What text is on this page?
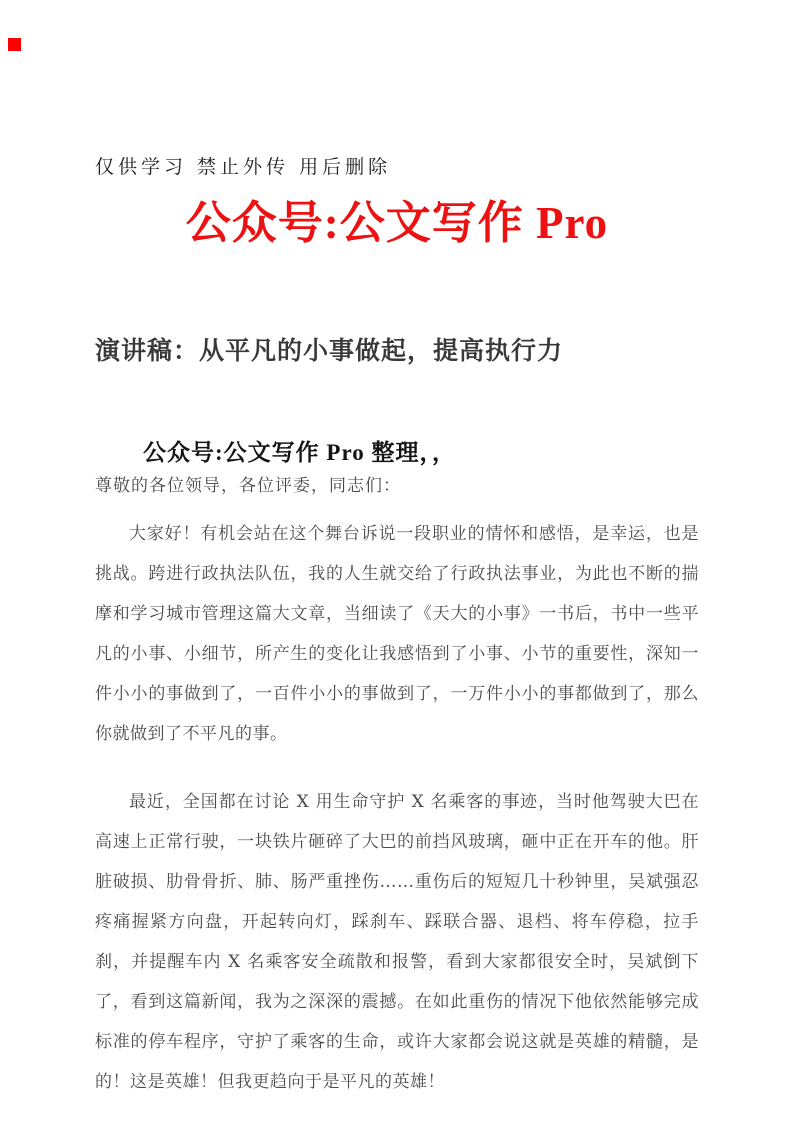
仅供学习 禁止外传 用后删除

公众号:公文写作 Pro
演讲稿：从平凡的小事做起，提高执行力

公众号:公文写作 Pro 整理，，

尊敬的各位领导，各位评委，同志们：

大家好！有机会站在这个舞台诉说一段职业的情怀和感悟，是幸运，也是挑战。跨进行政执法队伍，我的人生就交给了行政执法事业，为此也不断的揣摩和学习城市管理这篇大文章，当细读了《天大的小事》一书后，书中一些平凡的小事、小细节，所产生的变化让我感悟到了小事、小节的重要性，深知一件小小的事做到了，一百件小小的事做到了，一万件小小的事都做到了，那么你就做到了不平凡的事。

最近，全国都在讨论 X 用生命守护 X 名乘客的事迹，当时他驾驶大巴在高速上正常行驶，一块铁片砸碎了大巴的前挡风玻璃，砸中正在开车的他。肝脏破损、肋骨骨折、肺、肠严重挫伤……重伤后的短短几十秒钟里，吴斌强忍疼痛握紧方向盘，开起转向灯，踩刹车、踩联合器、退档、将车停稳，拉手刹，并提醒车内 X 名乘客安全疏散和报警，看到大家都很安全时，吴斌倒下了，看到这篇新闻，我为之深深的震撼。在如此重伤的情况下他依然能够完成标准的停车程序，守护了乘客的生命，或许大家都会说这就是英雄的精髓，是的！这是英雄！但我更趋向于是平凡的英雄！
